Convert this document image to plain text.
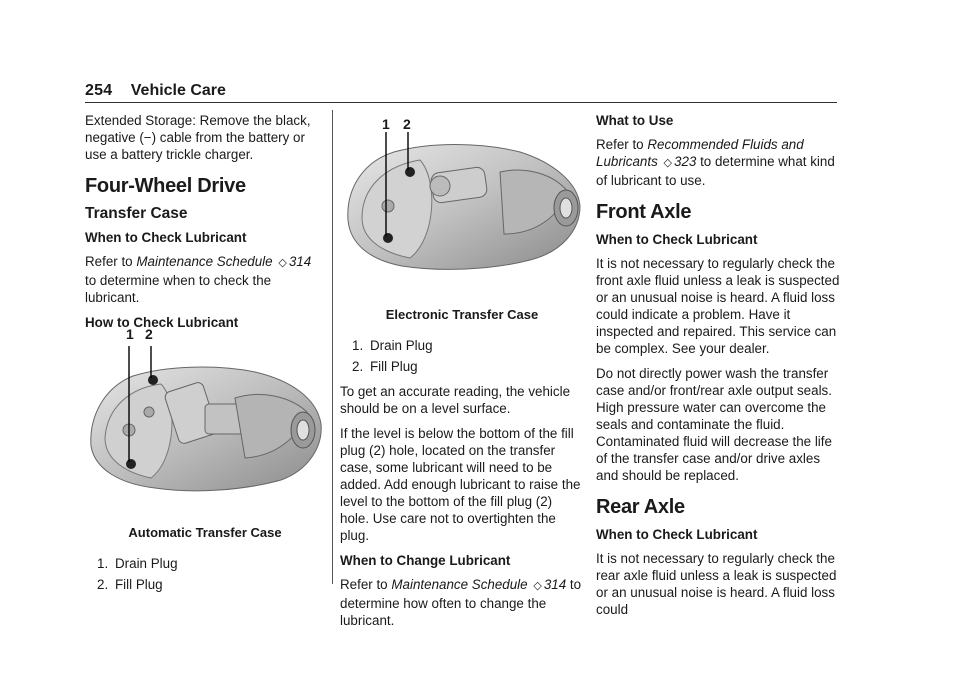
254 Vehicle Care

Extended Storage: Remove the black, negative (−) cable from the battery or use a battery trickle charger.

Four-Wheel Drive
Transfer Case
When to Check Lubricant

Refer to Maintenance Schedule ◇ 314 to determine when to check the lubricant.

How to Check Lubricant
1 2

Automatic Transfer Case

1. Drain Plug
2. Fill Plug
1 2

Electronic Transfer Case

1. Drain Plug
2. Fill Plug

To get an accurate reading, the vehicle should be on a level surface.

If the level is below the bottom of the fill plug (2) hole, located on the transfer case, some lubricant will need to be added. Add enough lubricant to raise the level to the bottom of the fill plug (2) hole. Use care not to overtighten the plug.

When to Change Lubricant

Refer to Maintenance Schedule ◇ 314 to determine how often to change the lubricant.

What to Use

Refer to Recommended Fluids and Lubricants ◇ 323 to determine what kind of lubricant to use.

Front Axle
When to Check Lubricant

It is not necessary to regularly check the front axle fluid unless a leak is suspected or an unusual noise is heard. A fluid loss could indicate a problem. Have it inspected and repaired. This service can be complex. See your dealer.

Do not directly power wash the transfer case and/or front/rear axle output seals. High pressure water can overcome the seals and contaminate the fluid. Contaminated fluid will decrease the life of the transfer case and/or drive axles and should be replaced.

Rear Axle
When to Check Lubricant

It is not necessary to regularly check the rear axle fluid unless a leak is suspected or an unusual noise is heard. A fluid loss could
